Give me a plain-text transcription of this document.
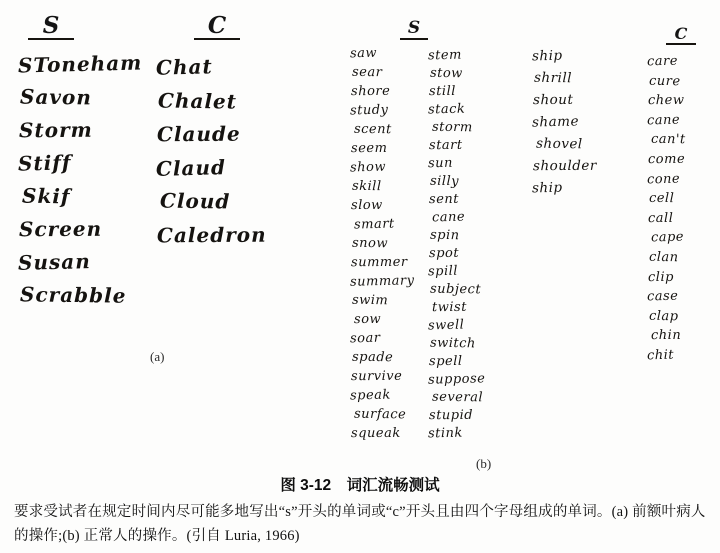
S
SToneham
Savon
Storm
Stiff
Skif
Screen
Susan
Scrabble
C
Chat
Chalet
Claude
Claud
Cloud
Caledron
(a)
S
saw
sear
shore
study
scent
seem
show
skill
slow
smart
snow
summer
summary
swim
sow
soar
spade
survive
speak
surface
squeak
stem
stow
still
stack
storm
start
sun
silly
sent
cane
spin
spot
spill
subject
twist
swell
switch
spell
suppose
several
stupid
stink
ship
shrill
shout
shame
shovel
shoulder
ship
C
care
cure
chew
cane
can't
come
cone
cell
call
cape
clan
clip
case
clap
chin
chit
(b)
图 3-12　词汇流畅测试
要求受试者在规定时间内尽可能多地写出“s”开头的单词或“c”开头且由四个字母组成的单词。(a) 前额叶病人
的操作;(b) 正常人的操作。(引自 Luria, 1966)
